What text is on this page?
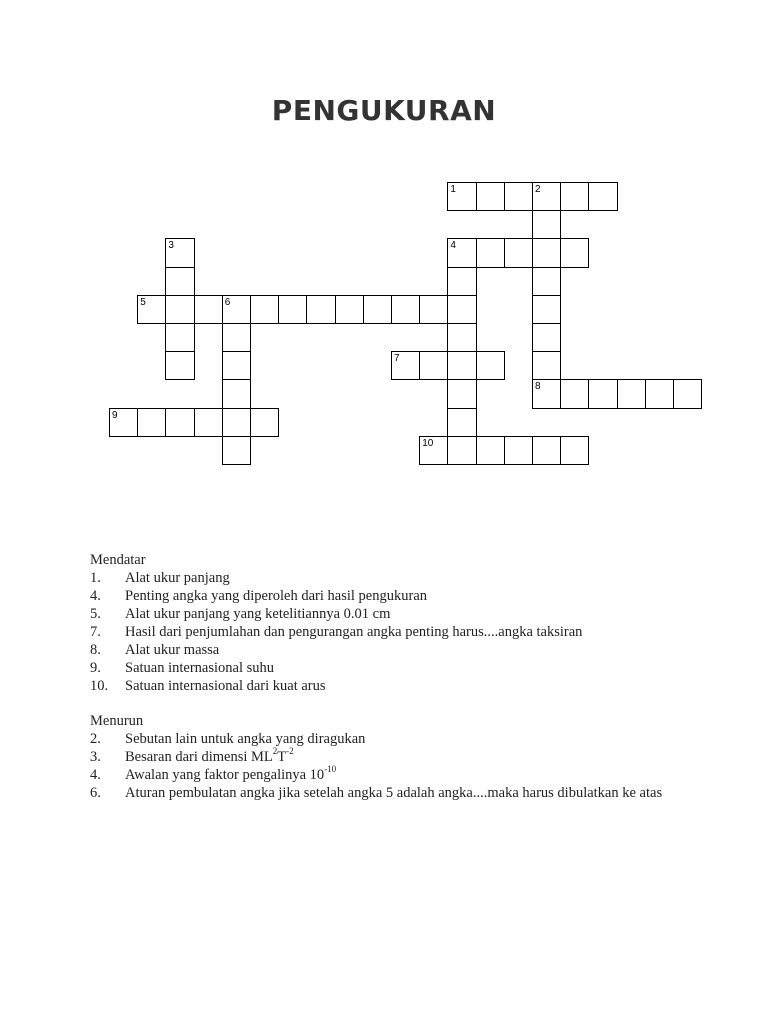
PENGUKURAN
1	2
4
5	6
7
8
9
10
3
Mendatar
1. Alat ukur panjang
4. Penting angka yang diperoleh dari hasil pengukuran
5. Alat ukur panjang yang ketelitiannya 0.01 cm
7. Hasil dari penjumlahan dan pengurangan angka penting harus....angka taksiran
8. Alat ukur massa
9. Satuan internasional suhu
10. Satuan internasional dari kuat arus
Menurun
2. Sebutan lain untuk angka yang diragukan
3. Besaran dari dimensi $ML^2T^{-2}$
4. Awalan yang faktor pengalinya $10^{-10}$
6. Aturan pembulatan angka jika setelah angka 5 adalah angka....maka harus dibulatkan ke atas
